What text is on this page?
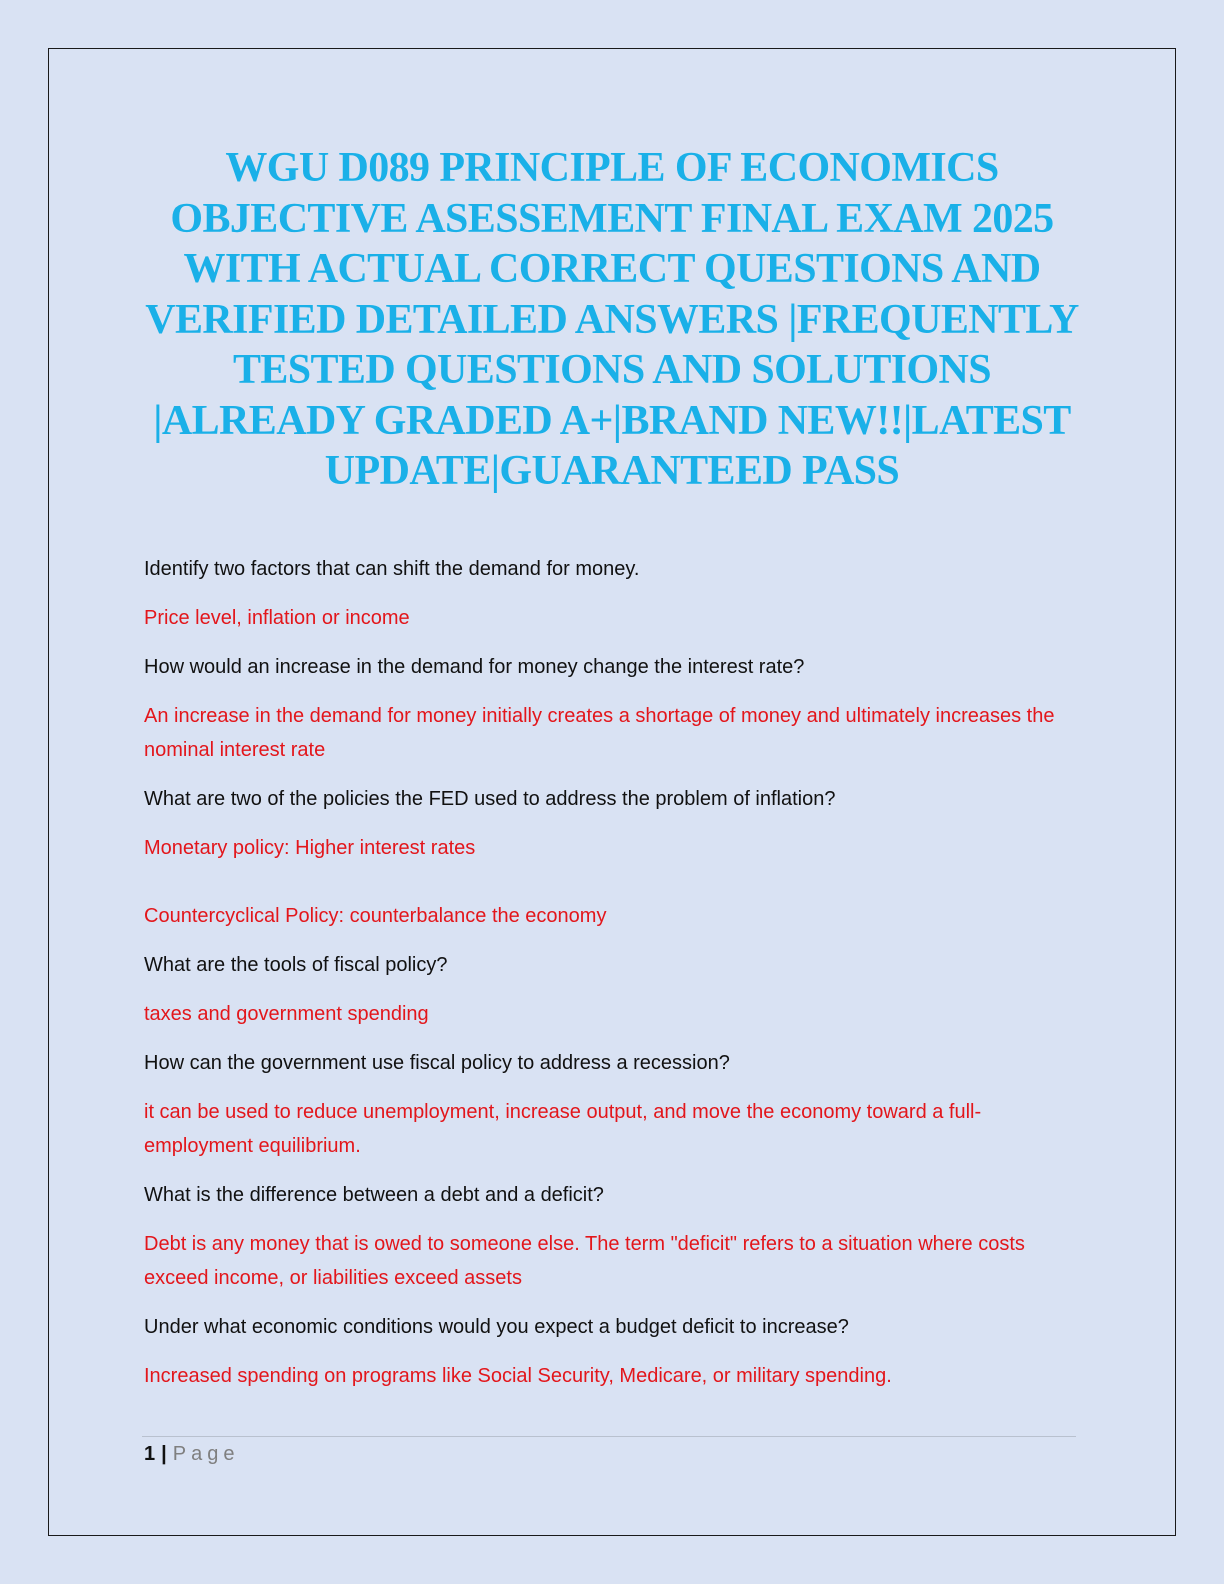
WGU D089 PRINCIPLE OF ECONOMICS OBJECTIVE ASESSEMENT FINAL EXAM 2025 WITH ACTUAL CORRECT QUESTIONS AND VERIFIED DETAILED ANSWERS |FREQUENTLY TESTED QUESTIONS AND SOLUTIONS |ALREADY GRADED A+|BRAND NEW!!|LATEST UPDATE|GUARANTEED PASS

Identify two factors that can shift the demand for money.

Price level, inflation or income

How would an increase in the demand for money change the interest rate?

An increase in the demand for money initially creates a shortage of money and ultimately increases the nominal interest rate

What are two of the policies the FED used to address the problem of inflation?

Monetary policy: Higher interest rates

Countercyclical Policy: counterbalance the economy

What are the tools of fiscal policy?

taxes and government spending

How can the government use fiscal policy to address a recession?

it can be used to reduce unemployment, increase output, and move the economy toward a full-employment equilibrium.

What is the difference between a debt and a deficit?

Debt is any money that is owed to someone else. The term "deficit" refers to a situation where costs exceed income, or liabilities exceed assets

Under what economic conditions would you expect a budget deficit to increase?

Increased spending on programs like Social Security, Medicare, or military spending.

1 | Page
